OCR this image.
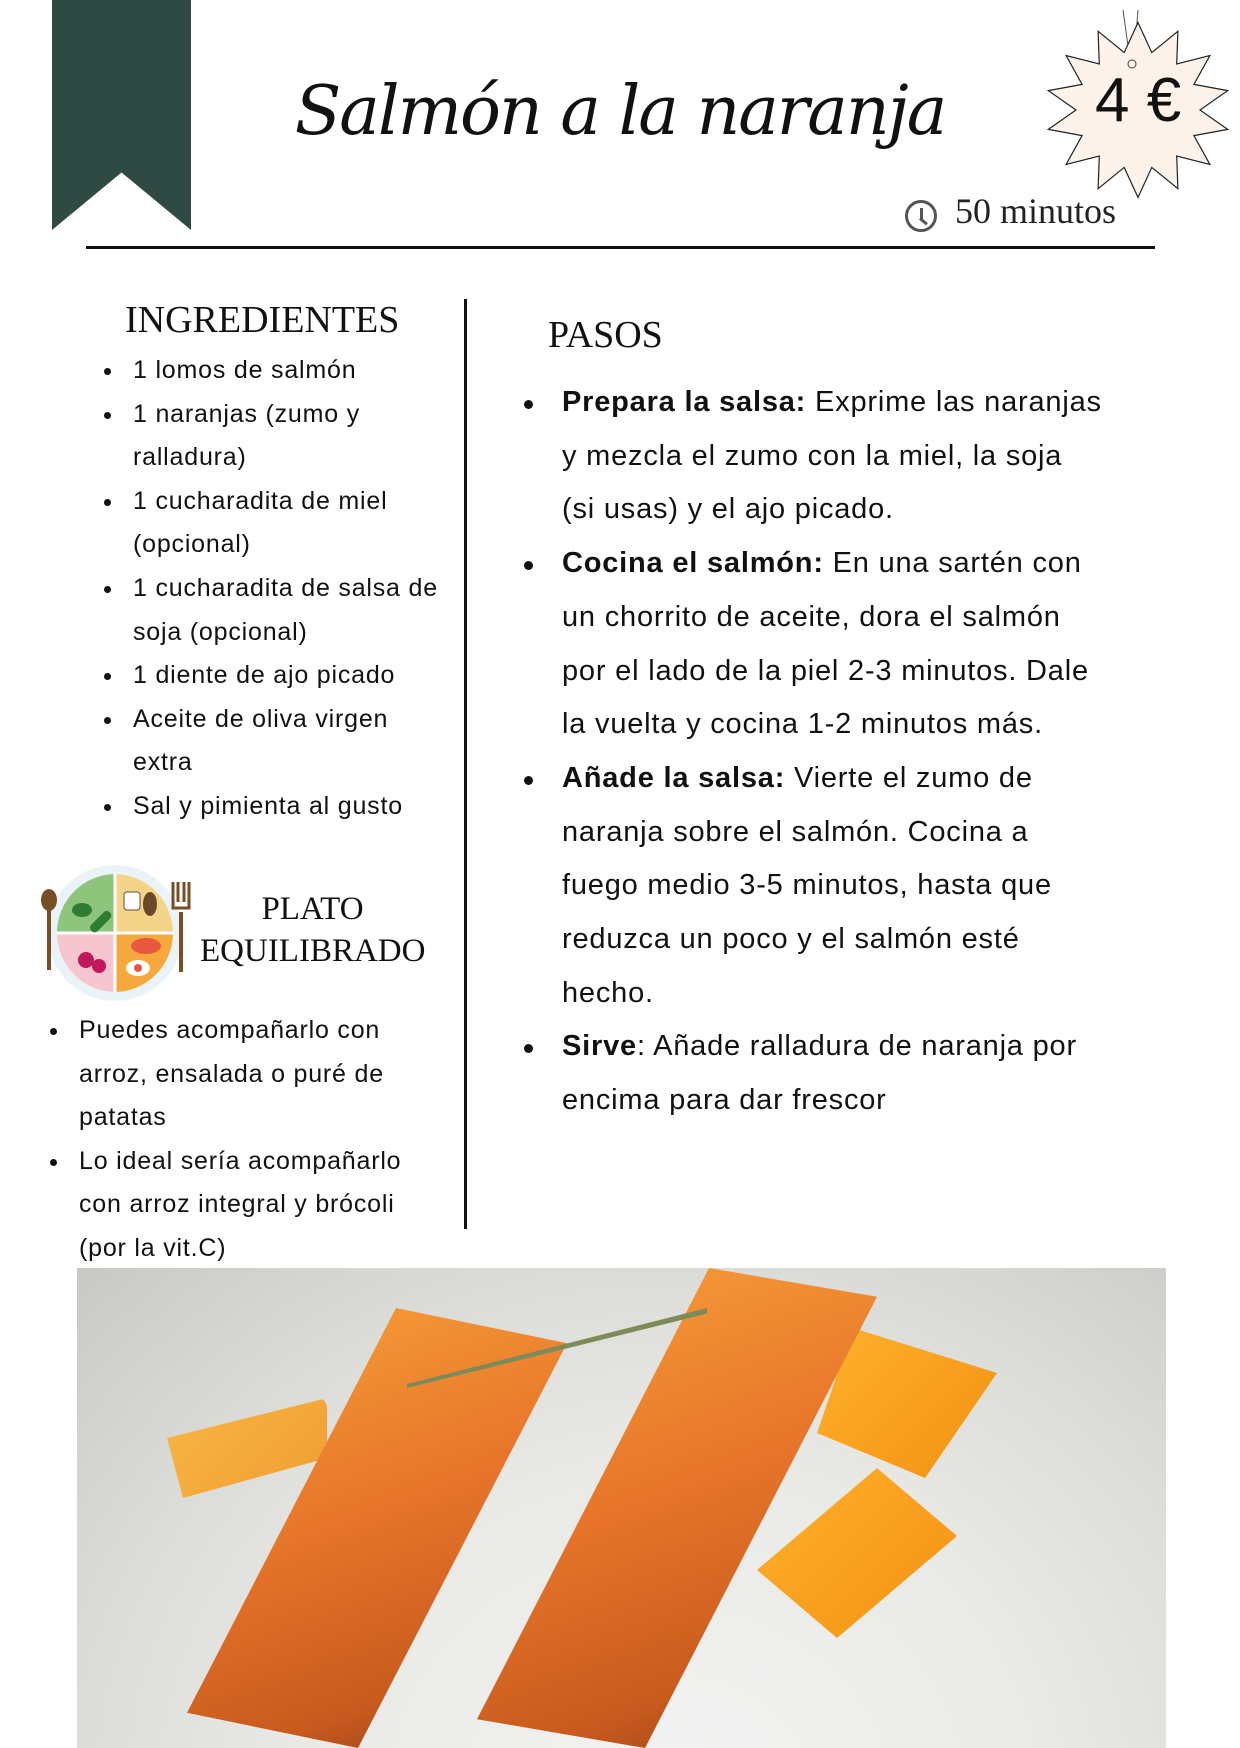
Salmón a la naranja	4 €
50 minutos
INGREDIENTES
1 lomos de salmón
1 naranjas (zumo y ralladura)
1 cucharadita de miel (opcional)
1 cucharadita de salsa de soja (opcional)
1 diente de ajo picado
Aceite de oliva virgen extra
Sal y pimienta al gusto
PLATO EQUILIBRADO
Puedes acompañarlo con arroz, ensalada o puré de patatas
Lo ideal sería acompañarlo con arroz integral y brócoli (por la vit.C)
PASOS
Prepara la salsa: Exprime las naranjas y mezcla el zumo con la miel, la soja (si usas) y el ajo picado.
Cocina el salmón: En una sartén con un chorrito de aceite, dora el salmón por el lado de la piel 2-3 minutos. Dale la vuelta y cocina 1-2 minutos más.
Añade la salsa: Vierte el zumo de naranja sobre el salmón. Cocina a fuego medio 3-5 minutos, hasta que reduzca un poco y el salmón esté hecho.
Sirve: Añade ralladura de naranja por encima para dar frescor
